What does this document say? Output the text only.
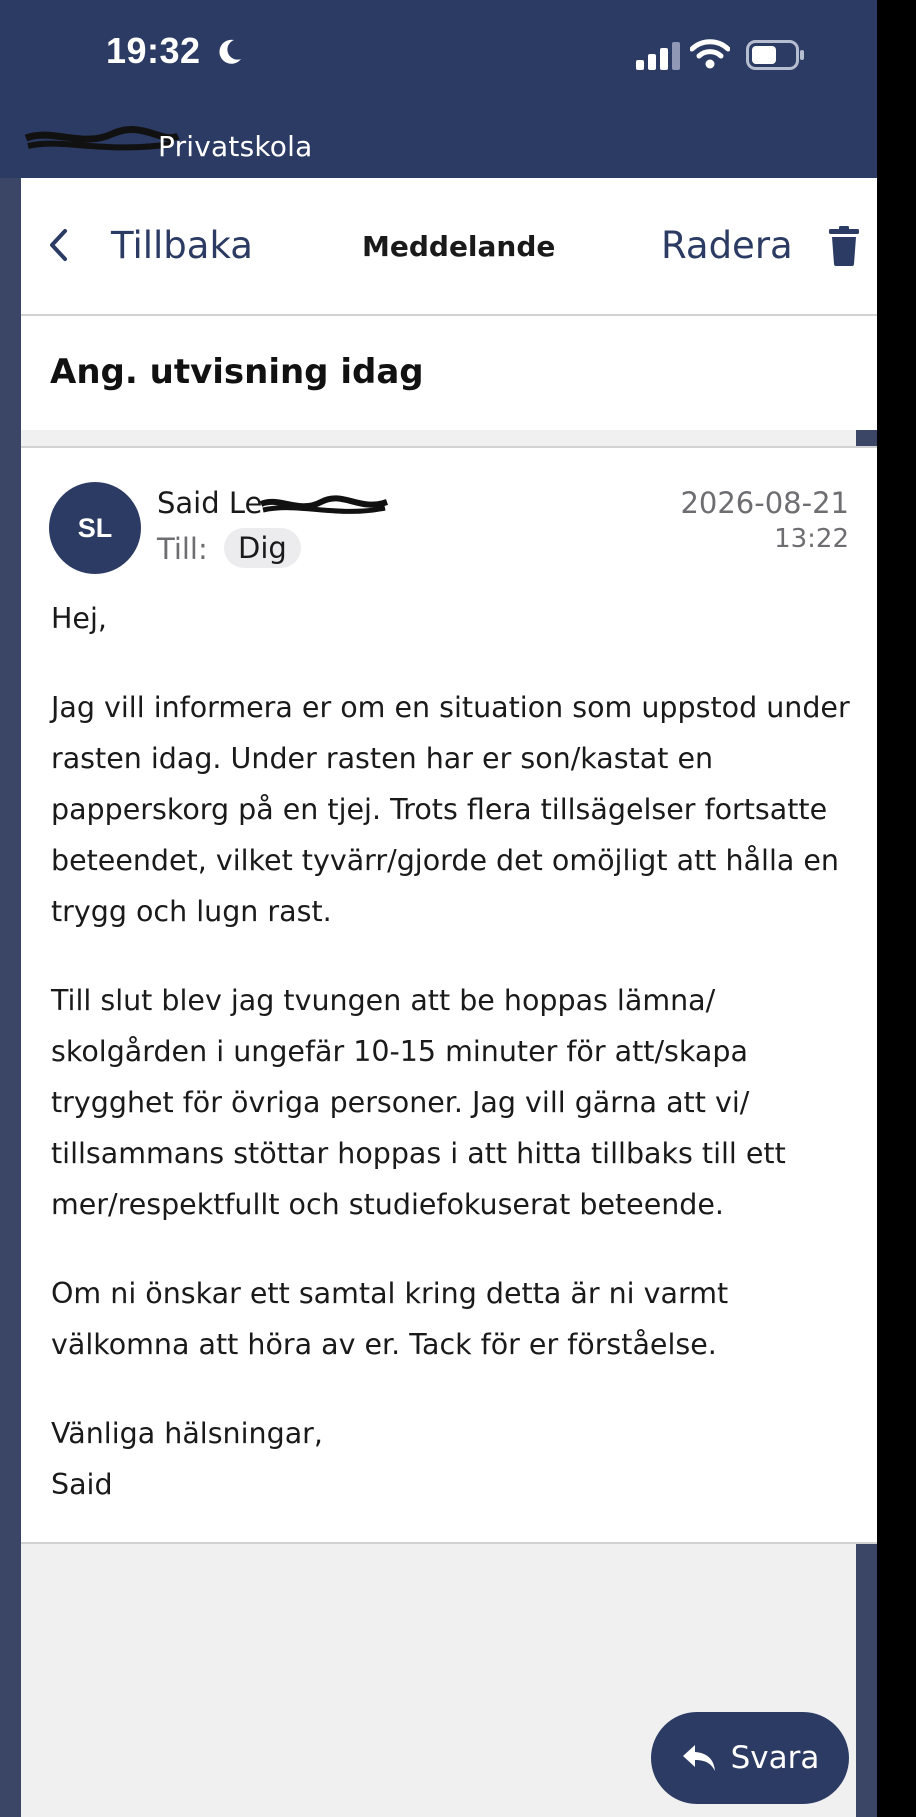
19:32
Privatskola
Tillbaka	Meddelande	Radera
Ang. utvisning idag
SL
Said Le
Till:	Dig
2026-08-21
13:22

Hej,

Jag vill informera er om en situation som uppstod under rasten idag. Under rasten har er son/kastat en papperskorg på en tjej. Trots flera tillsägelser fortsatte beteendet, vilket tyvärr/gjorde det omöjligt att hålla en trygg och lugn rast.

Till slut blev jag tvungen att be hoppas lämna/ skolgården i ungefär 10-15 minuter för att/skapa trygghet för övriga personer. Jag vill gärna att vi/ tillsammans stöttar hoppas i att hitta tillbaks till ett mer/respektfullt och studiefokuserat beteende.

Om ni önskar ett samtal kring detta är ni varmt välkomna att höra av er. Tack för er förståelse.

Vänliga hälsningar,

Said

Svara
